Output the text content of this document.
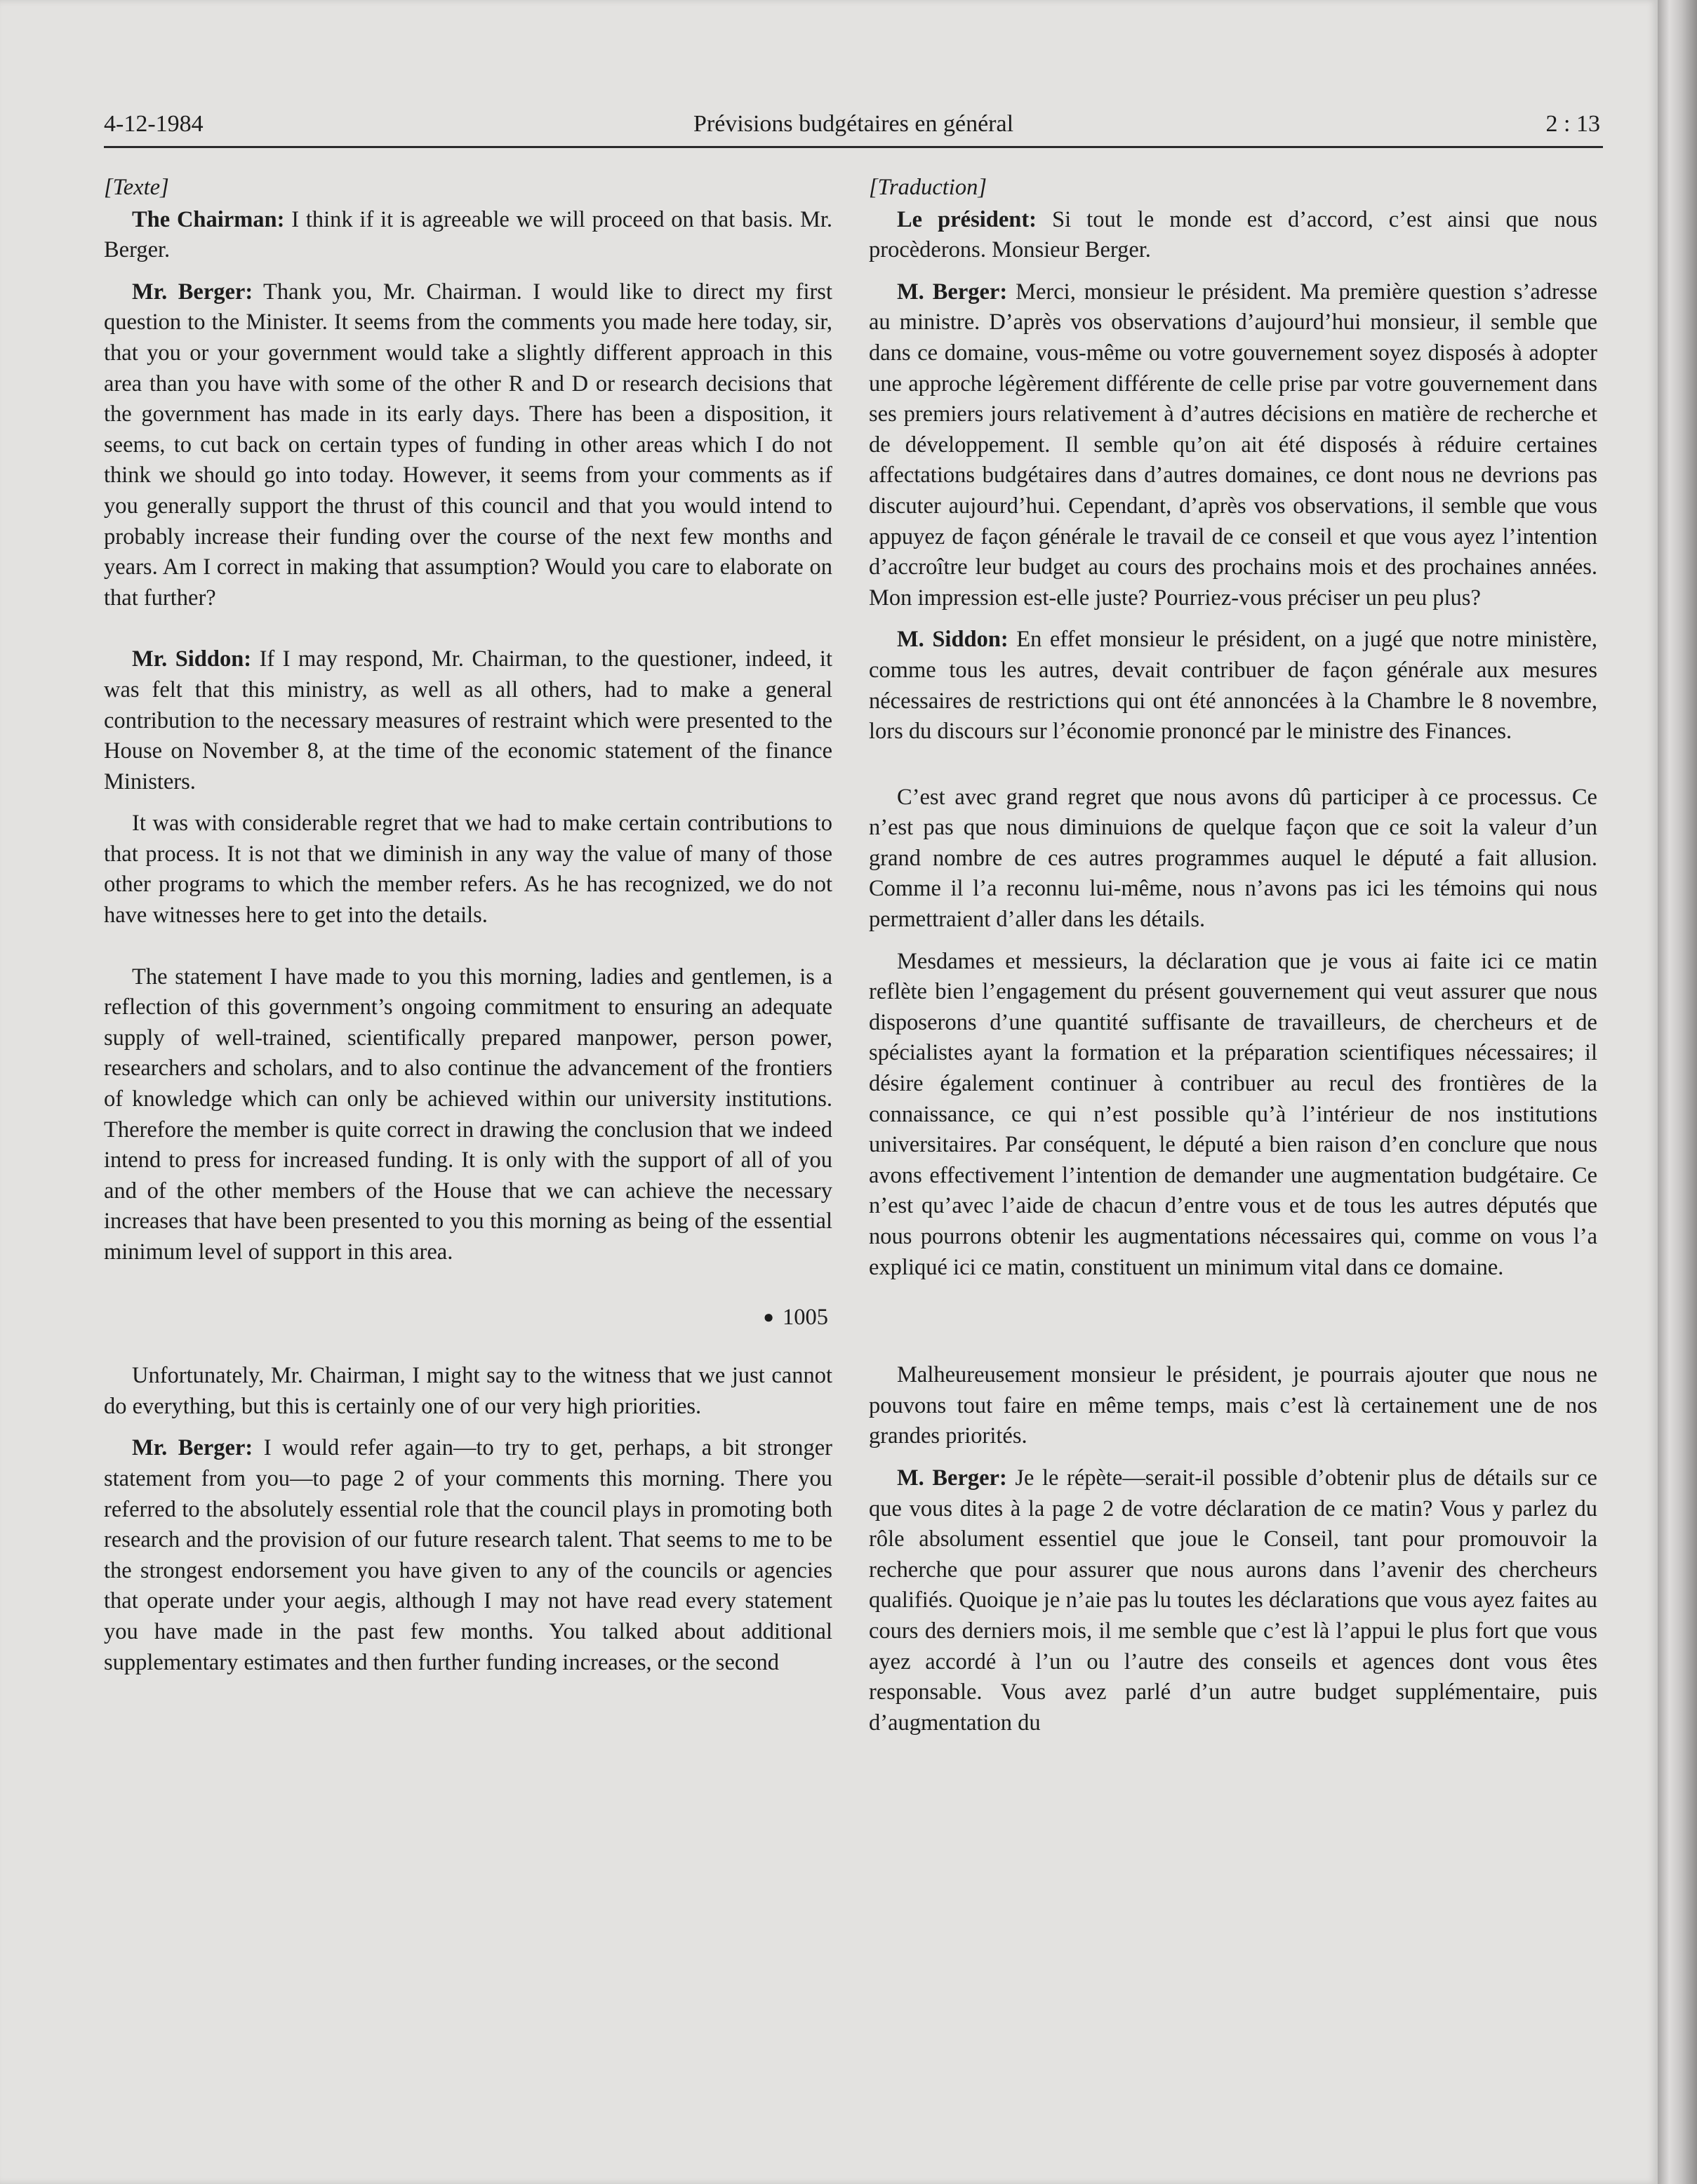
4-12-1984	Prévisions budgétaires en général	2 : 13

[Texte]

The Chairman: I think if it is agreeable we will proceed on that basis. Mr. Berger.

Mr. Berger: Thank you, Mr. Chairman. I would like to direct my first question to the Minister. It seems from the comments you made here today, sir, that you or your government would take a slightly different approach in this area than you have with some of the other R and D or research decisions that the government has made in its early days. There has been a disposition, it seems, to cut back on certain types of funding in other areas which I do not think we should go into today. However, it seems from your comments as if you generally support the thrust of this council and that you would intend to probably increase their funding over the course of the next few months and years. Am I correct in making that assumption? Would you care to elaborate on that further?

Mr. Siddon: If I may respond, Mr. Chairman, to the questioner, indeed, it was felt that this ministry, as well as all others, had to make a general contribution to the necessary measures of restraint which were presented to the House on November 8, at the time of the economic statement of the finance Ministers.

It was with considerable regret that we had to make certain contributions to that process. It is not that we diminish in any way the value of many of those other programs to which the member refers. As he has recognized, we do not have witnesses here to get into the details.

The statement I have made to you this morning, ladies and gentlemen, is a reflection of this government’s ongoing commitment to ensuring an adequate supply of well-trained, scientifically prepared manpower, person power, researchers and scholars, and to also continue the advancement of the frontiers of knowledge which can only be achieved within our university institutions. Therefore the member is quite correct in drawing the conclusion that we indeed intend to press for increased funding. It is only with the support of all of you and of the other members of the House that we can achieve the necessary increases that have been presented to you this morning as being of the essential minimum level of support in this area.

● 1005

Unfortunately, Mr. Chairman, I might say to the witness that we just cannot do everything, but this is certainly one of our very high priorities.

Mr. Berger: I would refer again—to try to get, perhaps, a bit stronger statement from you—to page 2 of your comments this morning. There you referred to the absolutely essential role that the council plays in promoting both research and the provision of our future research talent. That seems to me to be the strongest endorsement you have given to any of the councils or agencies that operate under your aegis, although I may not have read every statement you have made in the past few months. You talked about additional supplementary estimates and then further funding increases, or the second

[Traduction]

Le président: Si tout le monde est d’accord, c’est ainsi que nous procèderons. Monsieur Berger.

M. Berger: Merci, monsieur le président. Ma première question s’adresse au ministre. D’après vos observations d’aujourd’hui monsieur, il semble que dans ce domaine, vous-même ou votre gouvernement soyez disposés à adopter une approche légèrement différente de celle prise par votre gouvernement dans ses premiers jours relativement à d’autres décisions en matière de recherche et de développement. Il semble qu’on ait été disposés à réduire certaines affectations budgétaires dans d’autres domaines, ce dont nous ne devrions pas discuter aujourd’hui. Cependant, d’après vos observations, il semble que vous appuyez de façon générale le travail de ce conseil et que vous ayez l’intention d’accroître leur budget au cours des prochains mois et des prochaines années. Mon impression est-elle juste? Pourriez-vous préciser un peu plus?

M. Siddon: En effet monsieur le président, on a jugé que notre ministère, comme tous les autres, devait contribuer de façon générale aux mesures nécessaires de restrictions qui ont été annoncées à la Chambre le 8 novembre, lors du discours sur l’économie prononcé par le ministre des Finances.

C’est avec grand regret que nous avons dû participer à ce processus. Ce n’est pas que nous diminuions de quelque façon que ce soit la valeur d’un grand nombre de ces autres programmes auquel le député a fait allusion. Comme il l’a reconnu lui-même, nous n’avons pas ici les témoins qui nous permettraient d’aller dans les détails.

Mesdames et messieurs, la déclaration que je vous ai faite ici ce matin reflète bien l’engagement du présent gouvernement qui veut assurer que nous disposerons d’une quantité suffisante de travailleurs, de chercheurs et de spécialistes ayant la formation et la préparation scientifiques nécessaires; il désire également continuer à contribuer au recul des frontières de la connaissance, ce qui n’est possible qu’à l’intérieur de nos institutions universitaires. Par conséquent, le député a bien raison d’en conclure que nous avons effectivement l’intention de demander une augmentation budgétaire. Ce n’est qu’avec l’aide de chacun d’entre vous et de tous les autres députés que nous pourrons obtenir les augmentations nécessaires qui, comme on vous l’a expliqué ici ce matin, constituent un minimum vital dans ce domaine.

Malheureusement monsieur le président, je pourrais ajouter que nous ne pouvons tout faire en même temps, mais c’est là certainement une de nos grandes priorités.

M. Berger: Je le répète—serait-il possible d’obtenir plus de détails sur ce que vous dites à la page 2 de votre déclaration de ce matin? Vous y parlez du rôle absolument essentiel que joue le Conseil, tant pour promouvoir la recherche que pour assurer que nous aurons dans l’avenir des chercheurs qualifiés. Quoique je n’aie pas lu toutes les déclarations que vous ayez faites au cours des derniers mois, il me semble que c’est là l’appui le plus fort que vous ayez accordé à l’un ou l’autre des conseils et agences dont vous êtes responsable. Vous avez parlé d’un autre budget supplémentaire, puis d’augmentation du
